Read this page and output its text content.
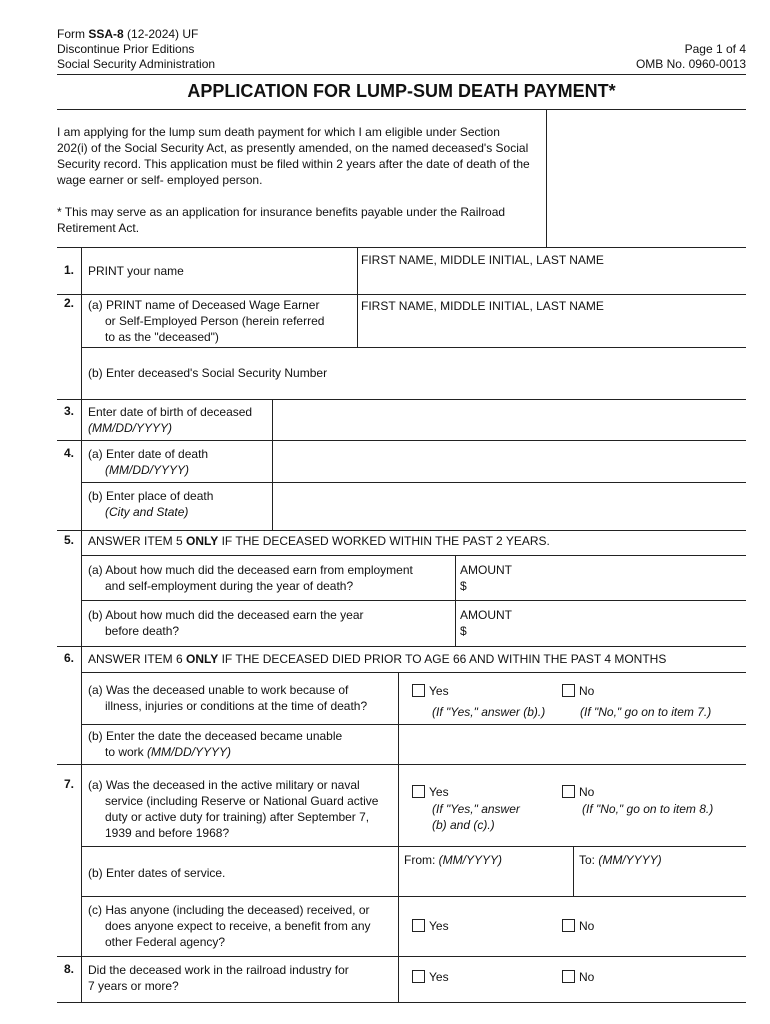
Form SSA-8 (12-2024) UF
Discontinue Prior Editions
Social Security Administration
Page 1 of 4
OMB No. 0960-0013
APPLICATION FOR LUMP-SUM DEATH PAYMENT*

I am applying for the lump sum death payment for which I am eligible under Section 202(i) of the Social Security Act, as presently amended, on the named deceased's Social Security record. This application must be filed within 2 years after the date of death of the wage earner or self- employed person.

* This may serve as an application for insurance benefits payable under the Railroad Retirement Act.

1. PRINT your name
FIRST NAME, MIDDLE INITIAL, LAST NAME
2. (a) PRINT name of Deceased Wage Earner
or Self-Employed Person (herein referred
to as the "deceased")
FIRST NAME, MIDDLE INITIAL, LAST NAME
(b) Enter deceased's Social Security Number
3. Enter date of birth of deceased
(MM/DD/YYYY)
4. (a) Enter date of death
(MM/DD/YYYY)
(b) Enter place of death
(City and State)
5. ANSWER ITEM 5 ONLY IF THE DECEASED WORKED WITHIN THE PAST 2 YEARS.
(a) About how much did the deceased earn from employment
and self-employment during the year of death?
AMOUNT
$
(b) About how much did the deceased earn the year
before death?
AMOUNT
$
6. ANSWER ITEM 6 ONLY IF THE DECEASED DIED PRIOR TO AGE 66 AND WITHIN THE PAST 4 MONTHS
(a) Was the deceased unable to work because of
illness, injuries or conditions at the time of death?
Yes	No
(If "Yes," answer (b).)	(If "No," go on to item 7.)
(b) Enter the date the deceased became unable
to work (MM/DD/YYYY)
7. (a) Was the deceased in the active military or naval
service (including Reserve or National Guard active
duty or active duty for training) after September 7,
1939 and before 1968?
Yes	No
(If "Yes," answer
(b) and (c).)
(If "No," go on to item 8.)
(b) Enter dates of service.
From: (MM/YYYY)	To: (MM/YYYY)
(c) Has anyone (including the deceased) received, or
does anyone expect to receive, a benefit from any
other Federal agency?
Yes	No
8. Did the deceased work in the railroad industry for
7 years or more?
Yes	No
